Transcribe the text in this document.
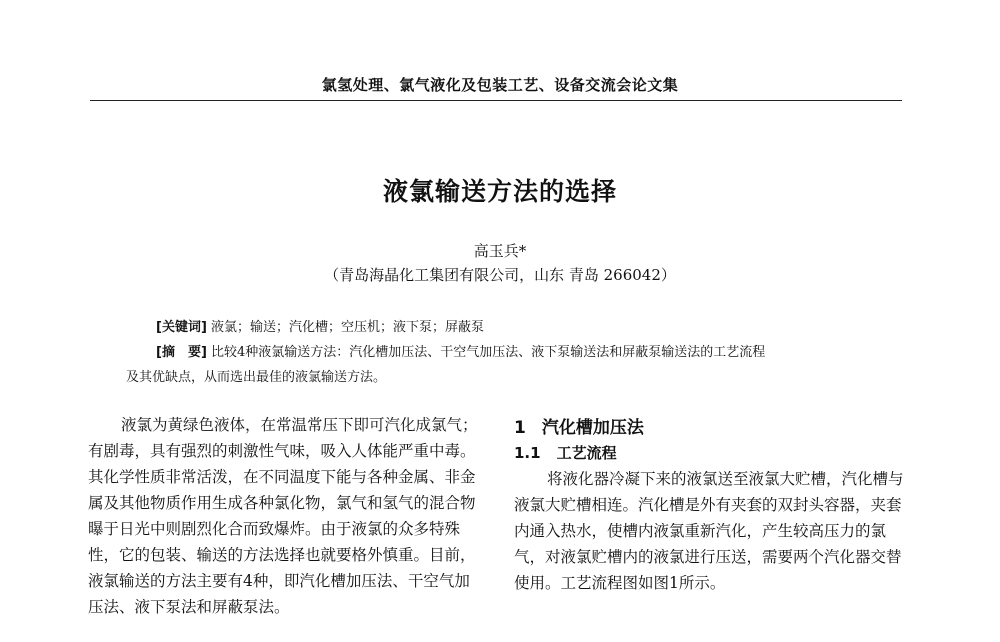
氯氢处理、氯气液化及包装工艺、设备交流会论文集
液氯输送方法的选择
高玉兵*
（青岛海晶化工集团有限公司，山东 青岛 266042）
[关键词] 液氯；输送；汽化槽；空压机；液下泵；屏蔽泵
[摘　要] 比较4种液氯输送方法：汽化槽加压法、干空气加压法、液下泵输送法和屏蔽泵输送法的工艺流程
及其优缺点，从而选出最佳的液氯输送方法。

液氯为黄绿色液体，在常温常压下即可汽化成氯气；有剧毒，具有强烈的刺激性气味，吸入人体能严重中毒。其化学性质非常活泼，在不同温度下能与各种金属、非金属及其他物质作用生成各种氯化物，氯气和氢气的混合物曝于日光中则剧烈化合而致爆炸。由于液氯的众多特殊性，它的包装、输送的方法选择也就要格外慎重。目前，液氯输送的方法主要有4种，即汽化槽加压法、干空气加压法、液下泵法和屏蔽泵法。

1 汽化槽加压法
1.1 工艺流程

将液化器冷凝下来的液氯送至液氯大贮槽，汽化槽与液氯大贮槽相连。汽化槽是外有夹套的双封头容器，夹套内通入热水，使槽内液氯重新汽化，产生较高压力的氯气，对液氯贮槽内的液氯进行压送，需要两个汽化器交替使用。工艺流程图如图1所示。
